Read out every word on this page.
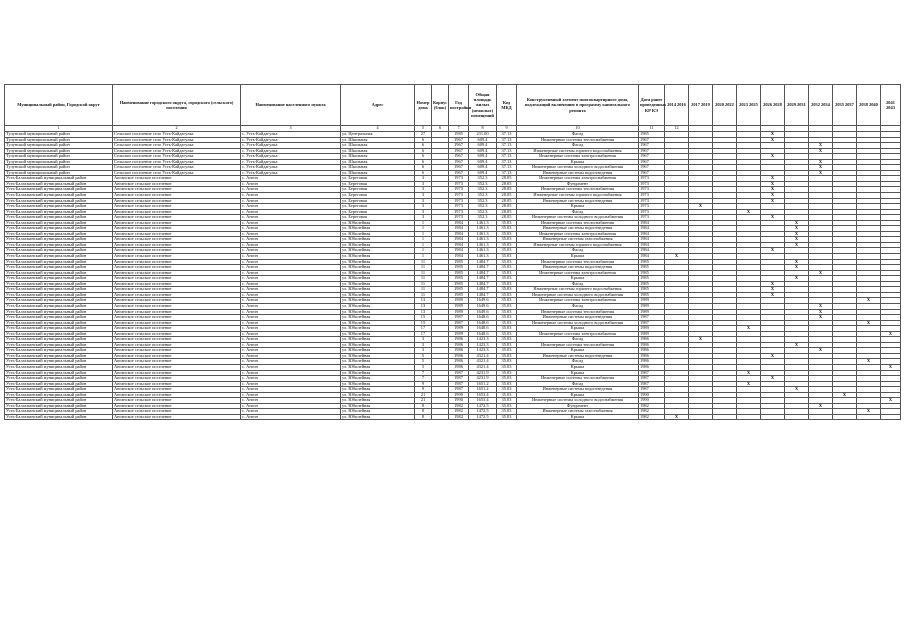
Муниципальный район, Городской округ	Наименование городского округа, городского (сельского) поселения	Наименование населенного пункта	Адрес	Номер дома	Корпус (блок)	Год постройки	Общая площадь жилых (нежилых) помещений	Код МКД	Конструктивный элемент многоквартирного дома, подлежащий включению в программу капитального ремонта	Дата ранее проведенных КР КЭ	2014 2016	2017 2019	2020 2022	2023 2025	2026 2028	2029 2031	2032 2034	2035 2037	2038 2040	2041 2043
1	2	3	4	5	6	7	8	9	10	11	12									
Тулунский муниципальный район	Сельское поселение село Усть-Кайдагулка	с. Усть-Кайдагулка	ул. Центральная	27		1985	231.00	37.13	Фасад	1985					X					
Тулунский муниципальный район	Сельское поселение село Усть-Кайдагулка	с. Усть-Кайдагулка	ул. Школьная	6		1967	609.4	37.13	Инженерные системы теплоснабжения	1967					X					
Тулунский муниципальный район	Сельское поселение село Усть-Кайдагулка	с. Усть-Кайдагулка	ул. Школьная	6		1967	609.4	37.13	Фасад	1967							X			
Тулунский муниципальный район	Сельское поселение село Усть-Кайдагулка	с. Усть-Кайдагулка	ул. Школьная	6		1967	609.4	37.13	Инженерные системы горячего водоснабжения	1967							X			
Тулунский муниципальный район	Сельское поселение село Усть-Кайдагулка	с. Усть-Кайдагулка	ул. Школьная	6		1967	609.4	37.13	Инженерные системы электроснабжения	1967					X					
Тулунский муниципальный район	Сельское поселение село Усть-Кайдагулка	с. Усть-Кайдагулка	ул. Школьная	6		1967	609.4	37.13	Крыша	1967							X			
Тулунский муниципальный район	Сельское поселение село Усть-Кайдагулка	с. Усть-Кайдагулка	ул. Школьная	6		1967	609.4	37.13	Инженерные системы холодного водоснабжения	1967							X			
Тулунский муниципальный район	Сельское поселение село Усть-Кайдагулка	с. Усть-Кайдагулка	ул. Школьная	6		1967	609.4	37.13	Инженерные системы водоотведения	1967							X			
Усть-Балахманский муниципальный район	Анганское сельское поселение	с. Ангон	ул. Береговая	3		1973	352.3	28.05	Инженерные системы электроснабжения	1973					X					
Усть-Балахманский муниципальный район	Анганское сельское поселение	с. Ангон	ул. Береговая	3		1973	352.3	28.05	Фундамент	1973					X					
Усть-Балахманский муниципальный район	Анганское сельское поселение	с. Ангон	ул. Береговая	3		1973	352.3	28.05	Инженерные системы теплоснабжения	1973					X					
Усть-Балахманский муниципальный район	Анганское сельское поселение	с. Ангон	ул. Береговая	3		1973	352.3	28.05	Инженерные системы горячего водоснабжения	1973					X					
Усть-Балахманский муниципальный район	Анганское сельское поселение	с. Ангон	ул. Береговая	3		1973	352.3	28.05	Инженерные системы водоотведения	1973					X					
Усть-Балахманский муниципальный район	Анганское сельское поселение	с. Ангон	ул. Береговая	3		1973	352.3	28.05	Крыша	1973		X								
Усть-Балахманский муниципальный район	Анганское сельское поселение	с. Ангон	ул. Береговая	3		1973	352.3	28.05	Фасад	1973				X						
Усть-Балахманский муниципальный район	Анганское сельское поселение	с. Ангон	ул. Береговая	3		1973	352.3	28.05	Инженерные системы холодного водоснабжения	1973					X					
Усть-Балахманский муниципальный район	Анганское сельское поселение	с. Ангон	ул. Юбилейная	1		1984	1461.3	35.03	Инженерные системы теплоснабжения	1984						X				
Усть-Балахманский муниципальный район	Анганское сельское поселение	с. Ангон	ул. Юбилейная	1		1984	1461.3	35.03	Инженерные системы водоотведения	1984						X				
Усть-Балахманский муниципальный район	Анганское сельское поселение	с. Ангон	ул. Юбилейная	1		1984	1461.3	35.03	Инженерные системы электроснабжения	1984						X				
Усть-Балахманский муниципальный район	Анганское сельское поселение	с. Ангон	ул. Юбилейная	1		1984	1461.3	35.03	Инженерные системы газоснабжения	1984						X				
Усть-Балахманский муниципальный район	Анганское сельское поселение	с. Ангон	ул. Юбилейная	1		1984	1461.3	35.03	Инженерные системы горячего водоснабжения	1984						X				
Усть-Балахманский муниципальный район	Анганское сельское поселение	с. Ангон	ул. Юбилейная	1		1984	1461.3	35.03	Фасад	1984					X					
Усть-Балахманский муниципальный район	Анганское сельское поселение	с. Ангон	ул. Юбилейная	1		1984	1461.3	35.03	Крыша	1984	X									
Усть-Балахманский муниципальный район	Анганское сельское поселение	с. Ангон	ул. Юбилейная	11		1985	1484.7	35.03	Инженерные системы теплоснабжения	1985						X				
Усть-Балахманский муниципальный район	Анганское сельское поселение	с. Ангон	ул. Юбилейная	11		1985	1484.7	35.03	Инженерные системы водоотведения	1985						X				
Усть-Балахманский муниципальный район	Анганское сельское поселение	с. Ангон	ул. Юбилейная	11		1985	1484.7	35.03	Инженерные системы электроснабжения	1985							X			
Усть-Балахманский муниципальный район	Анганское сельское поселение	с. Ангон	ул. Юбилейная	11		1985	1484.7	35.03	Крыша	1985						X				
Усть-Балахманский муниципальный район	Анганское сельское поселение	с. Ангон	ул. Юбилейная	11		1985	1484.7	35.03	Фасад	1985					X					
Усть-Балахманский муниципальный район	Анганское сельское поселение	с. Ангон	ул. Юбилейная	11		1985	1484.7	35.03	Инженерные системы горячего водоснабжения	1985					X					
Усть-Балахманский муниципальный район	Анганское сельское поселение	с. Ангон	ул. Юбилейная	11		1985	1484.7	35.03	Инженерные системы холодного водоснабжения	1985					X					
Усть-Балахманский муниципальный район	Анганское сельское поселение	с. Ангон	ул. Юбилейная	13		1989	1649.6	35.03	Инженерные системы электроснабжения	1989									X	
Усть-Балахманский муниципальный район	Анганское сельское поселение	с. Ангон	ул. Юбилейная	13		1989	1649.6	35.03	Фасад	1989							X			
Усть-Балахманский муниципальный район	Анганское сельское поселение	с. Ангон	ул. Юбилейная	13		1989	1649.6	35.03	Инженерные системы теплоснабжения	1989							X			
Усть-Балахманский муниципальный район	Анганское сельское поселение	с. Ангон	ул. Юбилейная	15		1987	1648.6	35.03	Инженерные системы водоотведения	1987							X			
Усть-Балахманский муниципальный район	Анганское сельское поселение	с. Ангон	ул. Юбилейная	15		1987	1648.6	35.03	Инженерные системы холодного водоснабжения	1987									X	
Усть-Балахманский муниципальный район	Анганское сельское поселение	с. Ангон	ул. Юбилейная	17		1989	1648.6	35.03	Крыша	1989				X						
Усть-Балахманский муниципальный район	Анганское сельское поселение	с. Ангон	ул. Юбилейная	17		1989	1648.6	35.03	Инженерные системы электроснабжения	1989										X
Усть-Балахманский муниципальный район	Анганское сельское поселение	с. Ангон	ул. Юбилейная	3		1986	1423.3	35.03	Фасад	1986		X								
Усть-Балахманский муниципальный район	Анганское сельское поселение	с. Ангон	ул. Юбилейная	3		1986	1423.3	35.03	Инженерные системы теплоснабжения	1986						X				
Усть-Балахманский муниципальный район	Анганское сельское поселение	с. Ангон	ул. Юбилейная	3		1986	1423.3	35.03	Крыша	1986							X			
Усть-Балахманский муниципальный район	Анганское сельское поселение	с. Ангон	ул. Юбилейная	5		1986	4321.4	35.03	Инженерные системы водоотведения	1986					X					
Усть-Балахманский муниципальный район	Анганское сельское поселение	с. Ангон	ул. Юбилейная	5		1986	4321.4	35.03	Фасад	1986									X	
Усть-Балахманский муниципальный район	Анганское сельское поселение	с. Ангон	ул. Юбилейная	5		1986	4321.4	35.03	Крыша	1986										X
Усть-Балахманский муниципальный район	Анганское сельское поселение	с. Ангон	ул. Юбилейная	7		1987	4231.9	35.03	Крыша	1987				X						
Усть-Балахманский муниципальный район	Анганское сельское поселение	с. Ангон	ул. Юбилейная	7		1987	4231.9	35.03	Инженерные системы теплоснабжения	1987					X					
Усть-Балахманский муниципальный район	Анганское сельское поселение	с. Ангон	ул. Юбилейная	9		1987	1651.2	35.03	Фасад	1987				X						
Усть-Балахманский муниципальный район	Анганское сельское поселение	с. Ангон	ул. Юбилейная	9		1987	1651.2	35.03	Инженерные системы водоотведения	1987						X				
Усть-Балахманский муниципальный район	Анганское сельское поселение	с. Ангон	ул. Юбилейная	21		1990	1653.4	35.03	Крыша	1990								X		
Усть-Балахманский муниципальный район	Анганское сельское поселение	с. Ангон	ул. Юбилейная	21		1990	1653.4	35.03	Инженерные системы холодного водоснабжения	1990										X
Усть-Балахманский муниципальный район	Анганское сельское поселение	с. Ангон	ул. Юбилейная	8		1982	1472.5	35.03	Фундамент	1982							X			
Усть-Балахманский муниципальный район	Анганское сельское поселение	с. Ангон	ул. Юбилейная	8		1982	1472.5	35.03	Инженерные системы газоснабжения	1982									X	
Усть-Балахманский муниципальный район	Анганское сельское поселение	с. Ангон	ул. Юбилейная	8		1982	1472.5	35.03	Крыша	1982	X									
